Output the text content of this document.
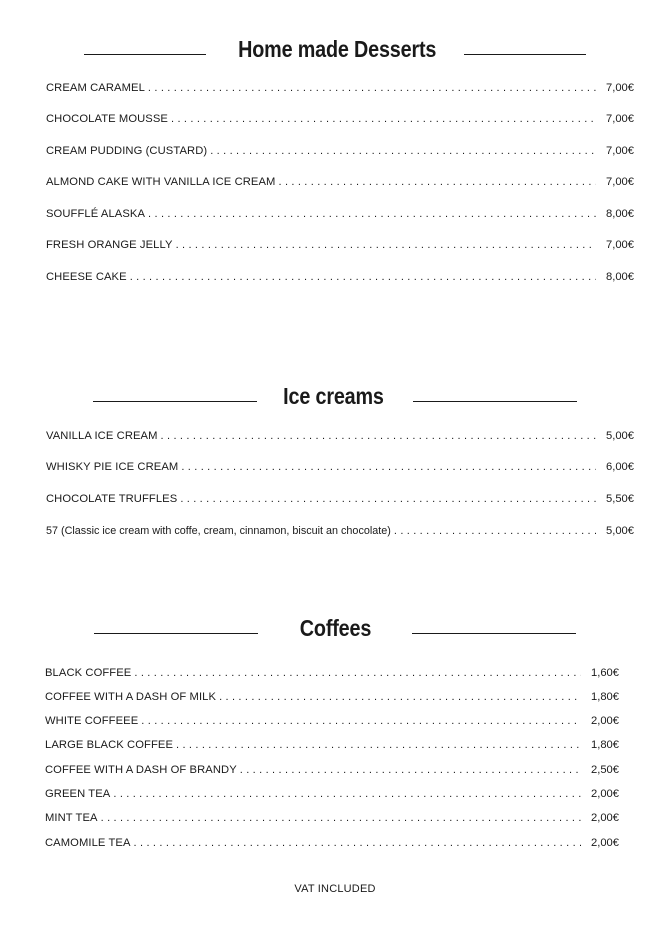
Home made Desserts
CREAM CARAMEL .....	7,00€
CHOCOLATE MOUSSE .....	7,00€
CREAM PUDDING (CUSTARD) .....	7,00€
ALMOND CAKE WITH VANILLA ICE CREAM .....	7,00€
SOUFFLÉ ALASKA .....	8,00€
FRESH ORANGE JELLY .....	7,00€
CHEESE CAKE .....	8,00€
Ice creams
VANILLA ICE CREAM .....	5,00€
WHISKY PIE ICE CREAM .....	6,00€
CHOCOLATE TRUFFLES .....	5,50€
57 (Classic ice cream with coffe, cream, cinnamon, biscuit an chocolate) .....	5,00€
Coffees
BLACK COFFEE .....	1,60€
COFFEE WITH A DASH OF MILK .....	1,80€
WHITE COFFEEE .....	2,00€
LARGE BLACK COFFEE .....	1,80€
COFFEE WITH A DASH OF BRANDY .....	2,50€
GREEN TEA .....	2,00€
MINT TEA .....	2,00€
CAMOMILE TEA .....	2,00€
VAT INCLUDED
